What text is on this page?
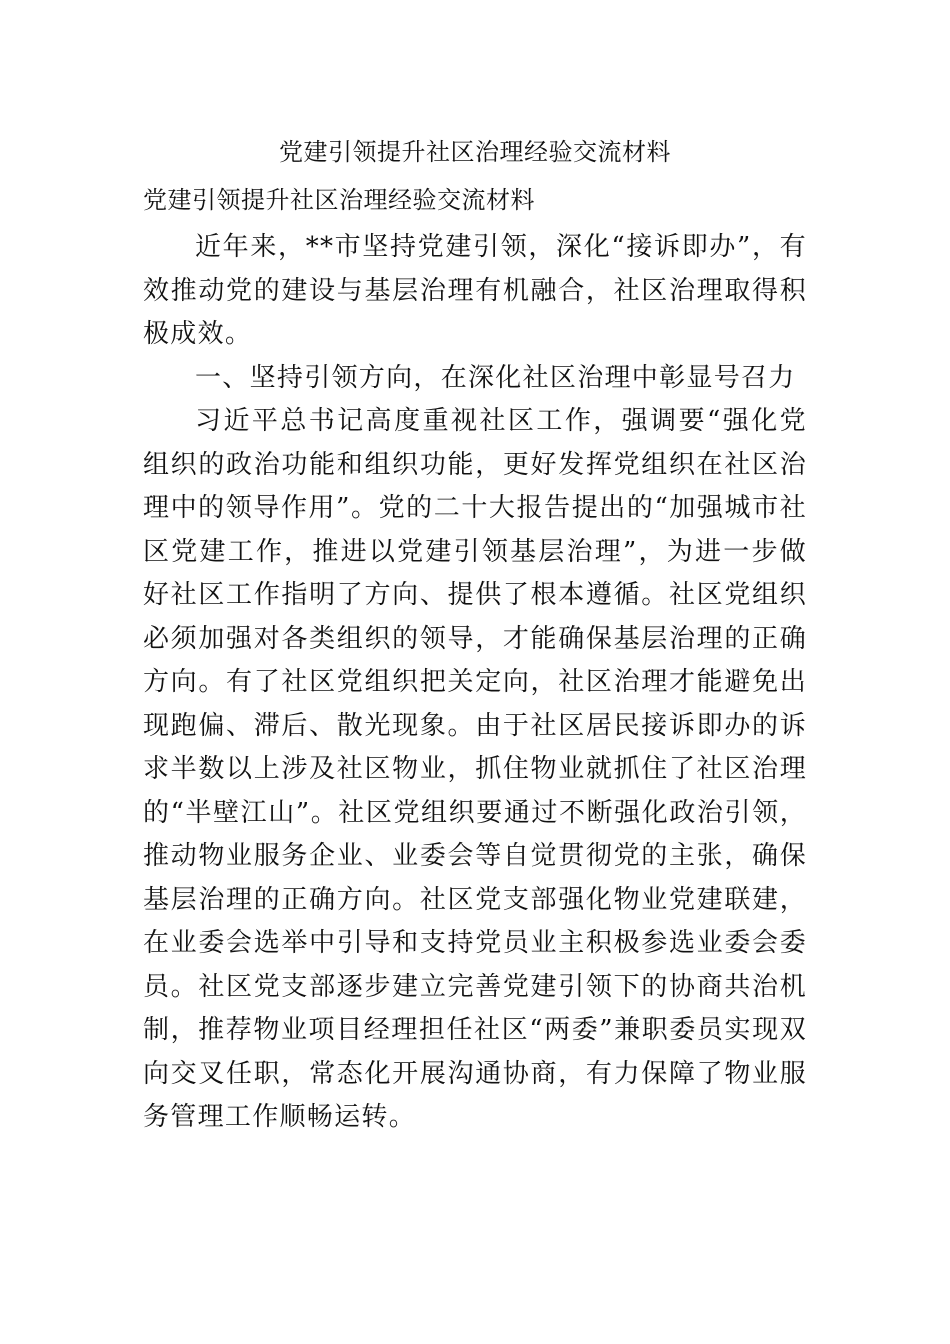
党建引领提升社区治理经验交流材料
党建引领提升社区治理经验交流材料

近年来，**市坚持党建引领，深化“接诉即办”，有效推动党的建设与基层治理有机融合，社区治理取得积极成效。

一、坚持引领方向，在深化社区治理中彰显号召力

习近平总书记高度重视社区工作，强调要“强化党组织的政治功能和组织功能，更好发挥党组织在社区治理中的领导作用”。党的二十大报告提出的“加强城市社区党建工作，推进以党建引领基层治理”，为进一步做好社区工作指明了方向、提供了根本遵循。社区党组织必须加强对各类组织的领导，才能确保基层治理的正确方向。有了社区党组织把关定向，社区治理才能避免出现跑偏、滞后、散光现象。由于社区居民接诉即办的诉求半数以上涉及社区物业，抓住物业就抓住了社区治理的“半壁江山”。社区党组织要通过不断强化政治引领，推动物业服务企业、业委会等自觉贯彻党的主张，确保基层治理的正确方向。社区党支部强化物业党建联建，在业委会选举中引导和支持党员业主积极参选业委会委员。社区党支部逐步建立完善党建引领下的协商共治机制，推荐物业项目经理担任社区“两委”兼职委员实现双向交叉任职，常态化开展沟通协商，有力保障了物业服务管理工作顺畅运转。
